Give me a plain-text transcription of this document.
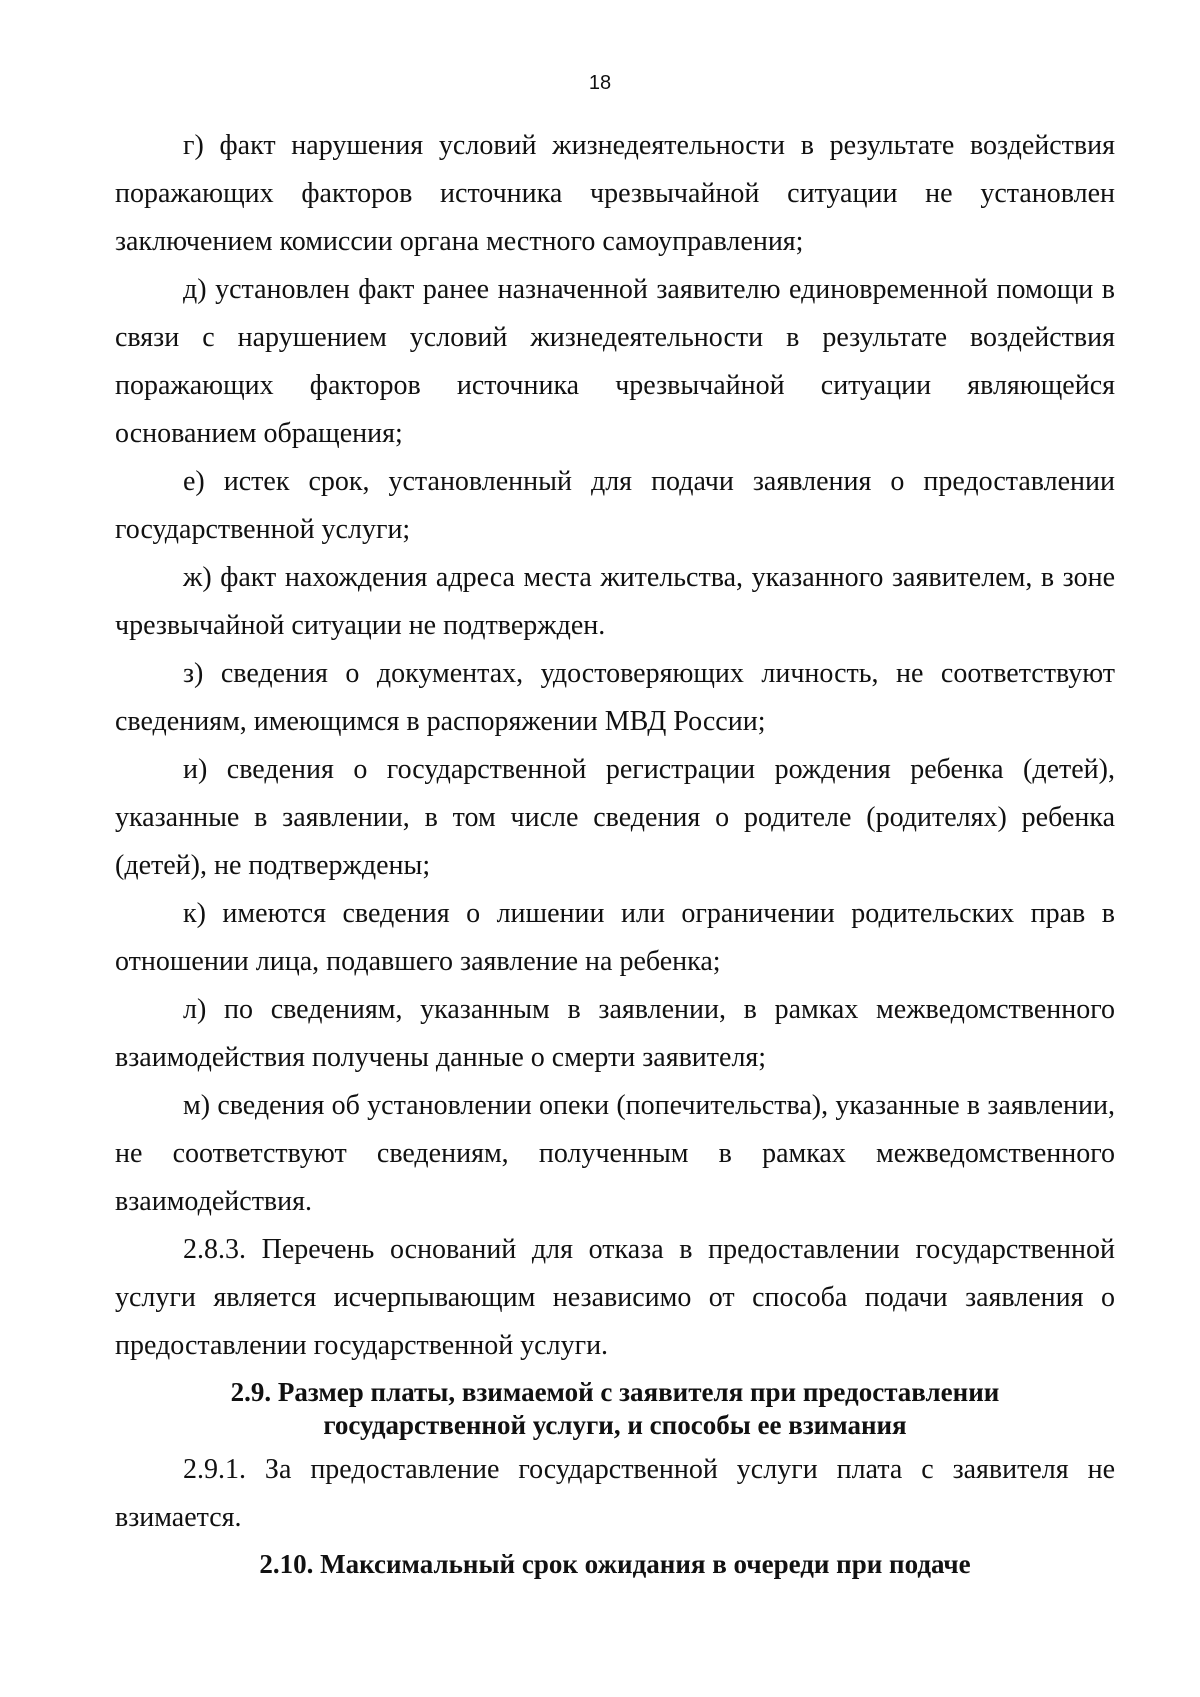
18

г) факт нарушения условий жизнедеятельности в результате воздействия поражающих факторов источника чрезвычайной ситуации не установлен заключением комиссии органа местного самоуправления;

д) установлен факт ранее назначенной заявителю единовременной помощи в связи с нарушением условий жизнедеятельности в результате воздействия поражающих факторов источника чрезвычайной ситуации являющейся основанием обращения;

е) истек срок, установленный для подачи заявления о предоставлении государственной услуги;

ж) факт нахождения адреса места жительства, указанного заявителем, в зоне чрезвычайной ситуации не подтвержден.

з) сведения о документах, удостоверяющих личность, не соответствуют сведениям, имеющимся в распоряжении МВД России;

и) сведения о государственной регистрации рождения ребенка (детей), указанные в заявлении, в том числе сведения о родителе (родителях) ребенка (детей), не подтверждены;

к) имеются сведения о лишении или ограничении родительских прав в отношении лица, подавшего заявление на ребенка;

л) по сведениям, указанным в заявлении, в рамках межведомственного взаимодействия получены данные о смерти заявителя;

м) сведения об установлении опеки (попечительства), указанные в заявлении, не соответствуют сведениям, полученным в рамках межведомственного взаимодействия.

2.8.3. Перечень оснований для отказа в предоставлении государственной услуги является исчерпывающим независимо от способа подачи заявления о предоставлении государственной услуги.

2.9. Размер платы, взимаемой с заявителя при предоставлении
государственной услуги, и способы ее взимания

2.9.1. За предоставление государственной услуги плата с заявителя не взимается.

2.10. Максимальный срок ожидания в очереди при подаче
